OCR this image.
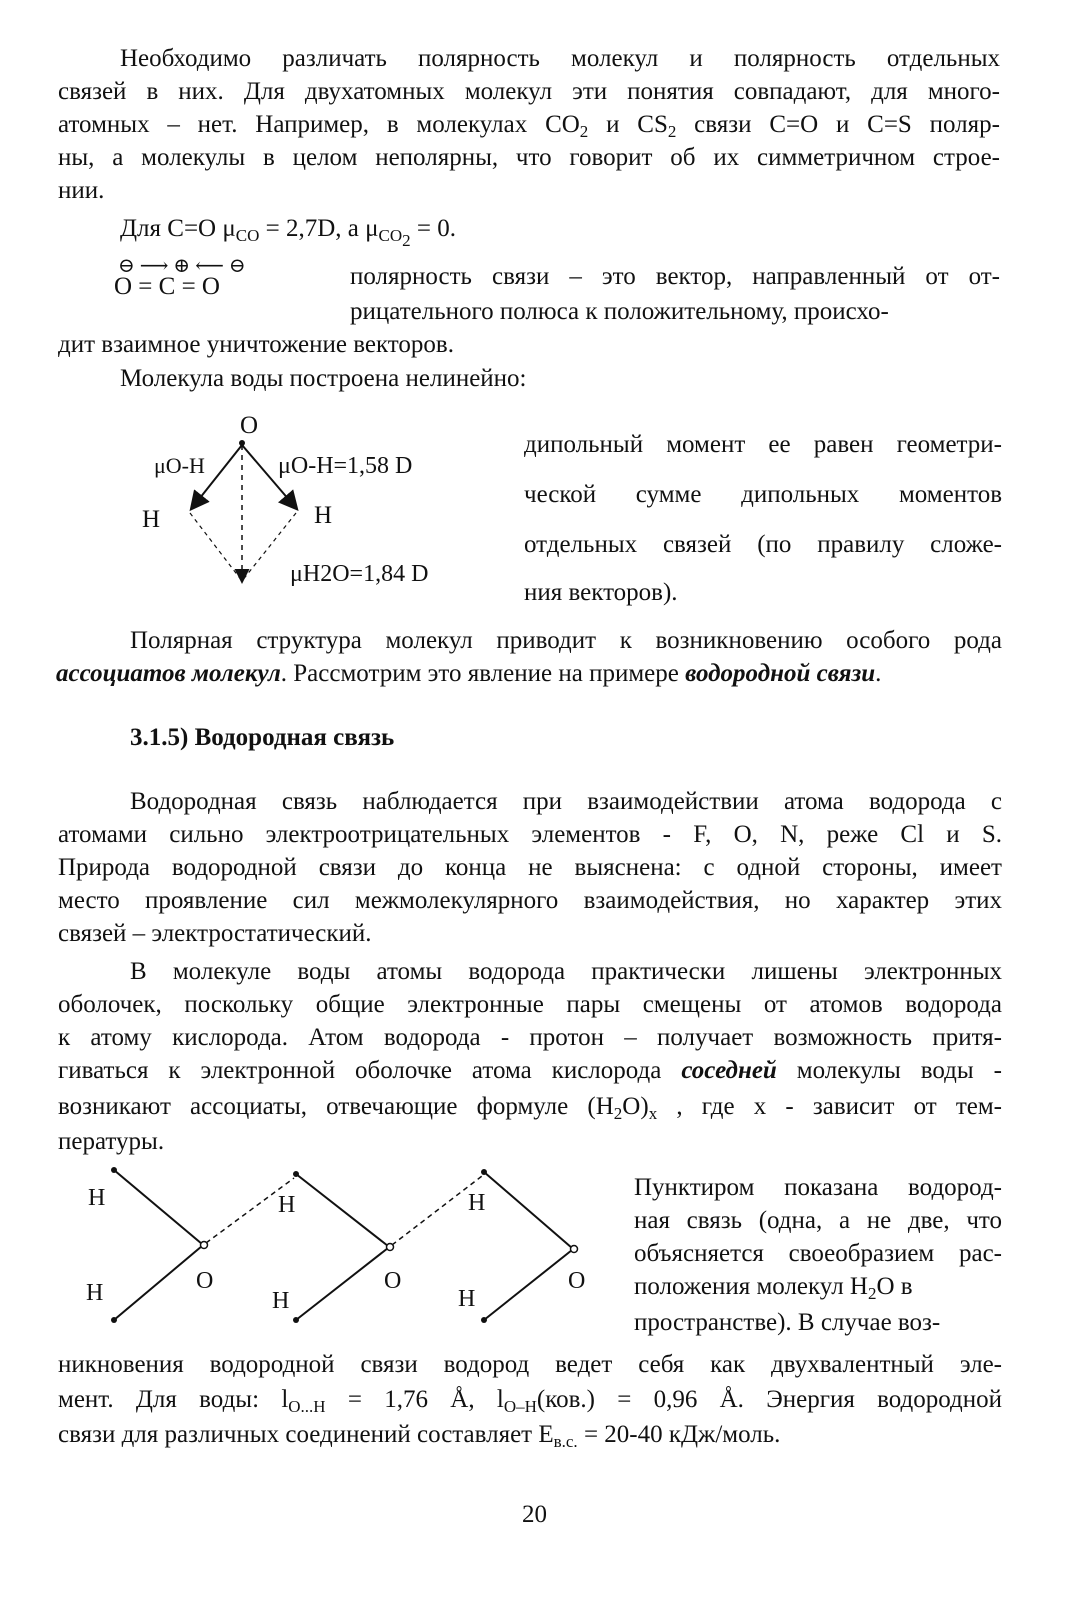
Необходимо различать полярность молекул и полярность отдельных
связей в них. Для двухатомных молекул эти понятия совпадают, для много-
атомных – нет. Например, в молекулах $CO_2$ и $CS_2$ связи C=O и C=S поляр-
ны, а молекулы в целом неполярны, что говорит об их симметричном строе-
нии.
Для C=O $\mu_{CO} = 2,7D$, а $\mu_{CO_2} = 0$.
⊖ ⟶ ⊕ ⟵ ⊖
O = C = O	полярность связи – это вектор, направленный от от-
рицательного полюса к положительному, происхо-
дит взаимное уничтожение векторов.
Молекула воды построена нелинейно:
O
H	H
μO-H	μO-H=1,58 D
μH2O=1,84 D
дипольный момент ее равен геометри-
ческой сумме дипольных моментов
отдельных связей (по правилу сложе-
ния векторов).
Полярная структура молекул приводит к возникновению особого рода
ассоциатов молекул. Рассмотрим это явление на примере водородной связи.
3.1.5) Водородная связь
Водородная связь наблюдается при взаимодействии атома водорода с
атомами сильно электроотрицательных элементов - F, O, N, реже Cl и S.
Природа водородной связи до конца не выяснена: с одной стороны, имеет
место проявление сил межмолекулярного взаимодействия, но характер этих
связей – электростатический.
В молекуле воды атомы водорода практически лишены электронных
оболочек, поскольку общие электронные пары смещены от атомов водорода
к атому кислорода. Атом водорода - протон – получает возможность притя-
гиваться к электронной оболочке атома кислорода соседней молекулы воды -
возникают ассоциаты, отвечающие формуле $(H_2O)_x$ , где x - зависит от тем-
пературы.
H
H	O
H
H
O
H
H
O
Пунктиром показана водород-
ная связь (одна, а не две, что
объясняется своеобразием рас-
положения молекул $H_2O$ в
пространстве). В случае воз-
никновения водородной связи водород ведет себя как двухвалентный эле-
мент. Для воды: $l_{O...H} = 1,76$ Å, $l_{O-H}(ков.) = 0,96$ Å. Энергия водородной
связи для различных соединений составляет $E_{в.с.} = 20-40$ кДж/моль.
20
